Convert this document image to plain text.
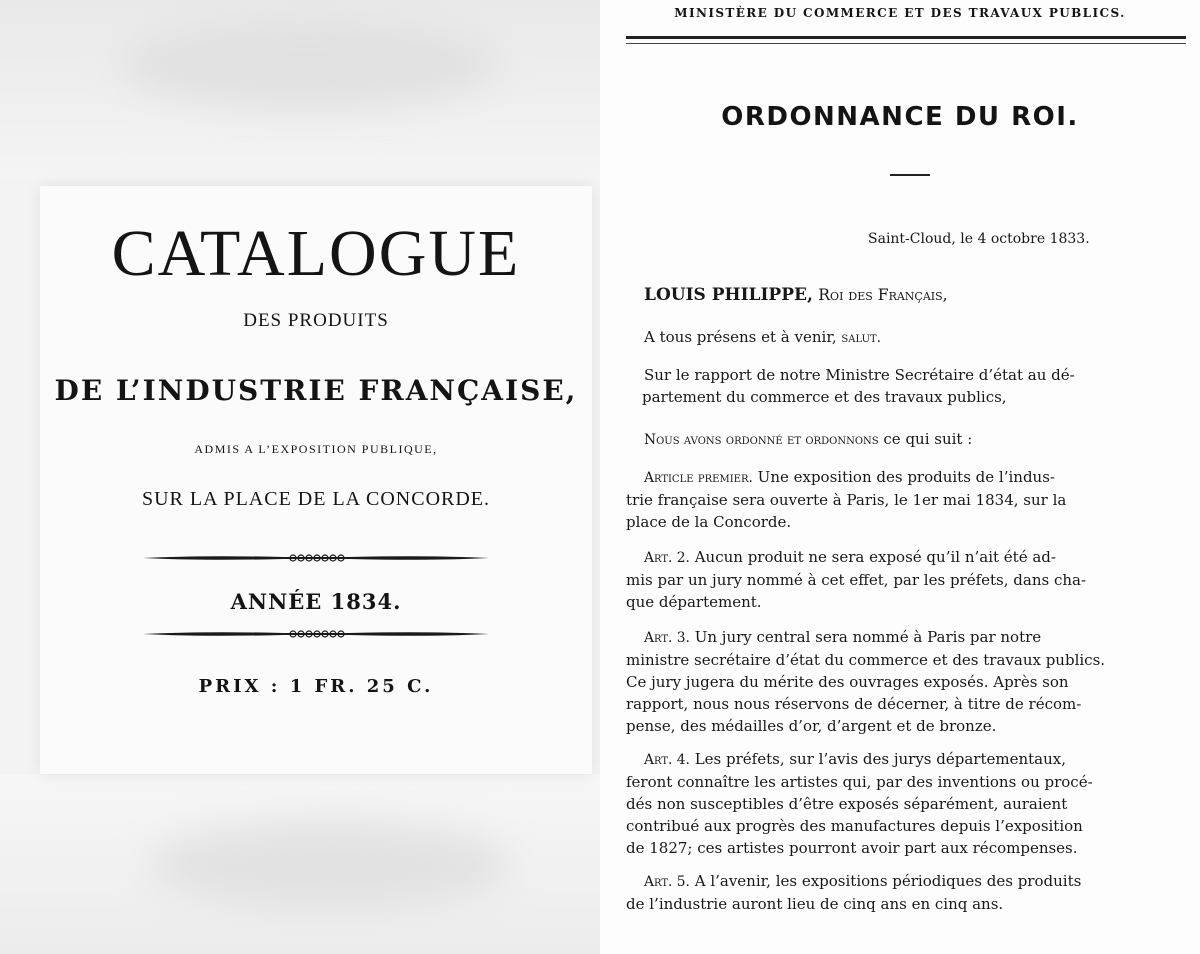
CATALOGUE
DES PRODUITS
DE L’INDUSTRIE FRANÇAISE,
ADMIS A L’EXPOSITION PUBLIQUE,
SUR LA PLACE DE LA CONCORDE.
ANNÉE 1834.
PRIX : 1 FR. 25 C.
MINISTÈRE DU COMMERCE ET DES TRAVAUX PUBLICS.
ORDONNANCE DU ROI.
Saint-Cloud, le 4 octobre 1833.
LOUIS PHILIPPE, Roi des Français,
A tous présens et à venir, salut.
Sur le rapport de notre Ministre Secrétaire d’état au dé-
partement du commerce et des travaux publics,
Nous avons ordonné et ordonnons ce qui suit :
Article premier. Une exposition des produits de l’indus-
trie française sera ouverte à Paris, le 1er mai 1834, sur la
place de la Concorde.
Art. 2. Aucun produit ne sera exposé qu’il n’ait été ad-
mis par un jury nommé à cet effet, par les préfets, dans cha-
que département.
Art. 3. Un jury central sera nommé à Paris par notre
ministre secrétaire d’état du commerce et des travaux publics.
Ce jury jugera du mérite des ouvrages exposés. Après son
rapport, nous nous réservons de décerner, à titre de récom-
pense, des médailles d’or, d’argent et de bronze.
Art. 4. Les préfets, sur l’avis des jurys départementaux,
feront connaître les artistes qui, par des inventions ou procé-
dés non susceptibles d’être exposés séparément, auraient
contribué aux progrès des manufactures depuis l’exposition
de 1827; ces artistes pourront avoir part aux récompenses.
Art. 5. A l’avenir, les expositions périodiques des produits
de l’industrie auront lieu de cinq ans en cinq ans.
